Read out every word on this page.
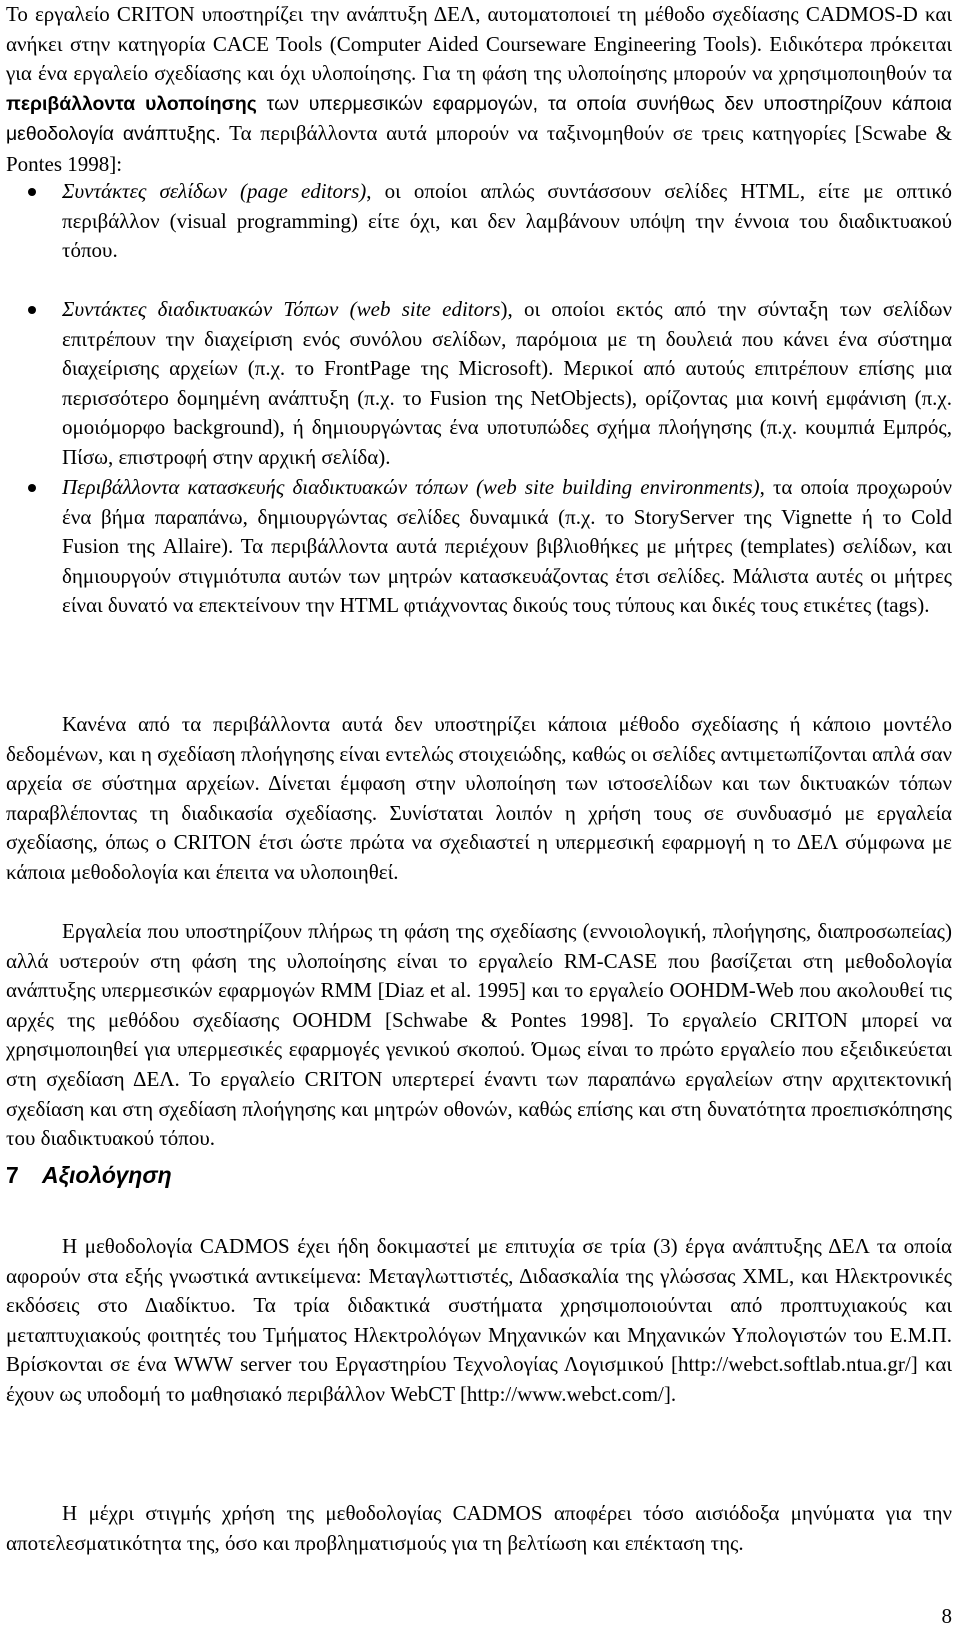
Το εργαλείο CRITON υποστηρίζει την ανάπτυξη ΔΕΛ, αυτοματοποιεί τη μέθοδο σχεδίασης CADMOS-D και ανήκει στην κατηγορία CACE Tools (Computer Aided Courseware Engineering Tools). Ειδικότερα πρόκειται για ένα εργαλείο σχεδίασης και όχι υλοποίησης. Για τη φάση της υλοποίησης μπορούν να χρησιμοποιηθούν τα περιβάλλοντα υλοποίησης των υπερμεσικών εφαρμογών, τα οποία συνήθως δεν υποστηρίζουν κάποια μεθοδολογία ανάπτυξης. Τα περιβάλλοντα αυτά μπορούν να ταξινομηθούν σε τρεις κατηγορίες [Scwabe & Pontes 1998]:

Συντάκτες σελίδων (page editors), οι οποίοι απλώς συντάσσουν σελίδες HTML, είτε με οπτικό περιβάλλον (visual programming) είτε όχι, και δεν λαμβάνουν υπόψη την έννοια του διαδικτυακού τόπου.
Συντάκτες διαδικτυακών Τόπων (web site editors), οι οποίοι εκτός από την σύνταξη των σελίδων επιτρέπουν την διαχείριση ενός συνόλου σελίδων, παρόμοια με τη δουλειά που κάνει ένα σύστημα διαχείρισης αρχείων (π.χ. το FrontPage της Microsoft). Μερικοί από αυτούς επιτρέπουν επίσης μια περισσότερο δομημένη ανάπτυξη (π.χ. το Fusion της NetObjects), ορίζοντας μια κοινή εμφάνιση (π.χ. ομοιόμορφο background), ή δημιουργώντας ένα υποτυπώδες σχήμα πλοήγησης (π.χ. κουμπιά Εμπρός, Πίσω, επιστροφή στην αρχική σελίδα).
Περιβάλλοντα κατασκευής διαδικτυακών τόπων (web site building environments), τα οποία προχωρούν ένα βήμα παραπάνω, δημιουργώντας σελίδες δυναμικά (π.χ. το StoryServer της Vignette ή το Cold Fusion της Allaire). Τα περιβάλλοντα αυτά περιέχουν βιβλιοθήκες με μήτρες (templates) σελίδων, και δημιουργούν στιγμιότυπα αυτών των μητρών κατασκευάζοντας έτσι σελίδες. Μάλιστα αυτές οι μήτρες είναι δυνατό να επεκτείνουν την HTML φτιάχνοντας δικούς τους τύπους και δικές τους ετικέτες (tags).

Κανένα από τα περιβάλλοντα αυτά δεν υποστηρίζει κάποια μέθοδο σχεδίασης ή κάποιο μοντέλο δεδομένων, και η σχεδίαση πλοήγησης είναι εντελώς στοιχειώδης, καθώς οι σελίδες αντιμετωπίζονται απλά σαν αρχεία σε σύστημα αρχείων. Δίνεται έμφαση στην υλοποίηση των ιστοσελίδων και των δικτυακών τόπων παραβλέποντας τη διαδικασία σχεδίασης. Συνίσταται λοιπόν η χρήση τους σε συνδυασμό με εργαλεία σχεδίασης, όπως ο CRITON έτσι ώστε πρώτα να σχεδιαστεί η υπερμεσική εφαρμογή η το ΔΕΛ σύμφωνα με κάποια μεθοδολογία και έπειτα να υλοποιηθεί.

Εργαλεία που υποστηρίζουν πλήρως τη φάση της σχεδίασης (εννοιολογική, πλοήγησης, διαπροσωπείας) αλλά υστερούν στη φάση της υλοποίησης είναι το εργαλείο RM-CASE που βασίζεται στη μεθοδολογία ανάπτυξης υπερμεσικών εφαρμογών RMM [Diaz et al. 1995] και το εργαλείο OOHDM-Web που ακολουθεί τις αρχές της μεθόδου σχεδίασης OOHDM [Schwabe & Pontes 1998]. Το εργαλείο CRITON μπορεί να χρησιμοποιηθεί για υπερμεσικές εφαρμογές γενικού σκοπού. Όμως είναι το πρώτο εργαλείο που εξειδικεύεται στη σχεδίαση ΔΕΛ. Το εργαλείο CRITON υπερτερεί έναντι των παραπάνω εργαλείων στην αρχιτεκτονική σχεδίαση και στη σχεδίαση πλοήγησης και μητρών οθονών, καθώς επίσης και στη δυνατότητα προεπισκόπησης του διαδικτυακού τόπου.

7 Αξιολόγηση

Η μεθοδολογία CADMOS έχει ήδη δοκιμαστεί με επιτυχία σε τρία (3) έργα ανάπτυξης ΔΕΛ τα οποία αφορούν στα εξής γνωστικά αντικείμενα: Μεταγλωττιστές, Διδασκαλία της γλώσσας XML, και Ηλεκτρονικές εκδόσεις στο Διαδίκτυο. Τα τρία διδακτικά συστήματα χρησιμοποιούνται από προπτυχιακούς και μεταπτυχιακούς φοιτητές του Τμήματος Ηλεκτρολόγων Μηχανικών και Μηχανικών Υπολογιστών του Ε.Μ.Π. Βρίσκονται σε ένα WWW server του Εργαστηρίου Τεχνολογίας Λογισμικού [http://webct.softlab.ntua.gr/] και έχουν ως υποδομή το μαθησιακό περιβάλλον WebCT [http://www.webct.com/].

Η μέχρι στιγμής χρήση της μεθοδολογίας CADMOS αποφέρει τόσο αισιόδοξα μηνύματα για την αποτελεσματικότητα της, όσο και προβληματισμούς για τη βελτίωση και επέκταση της.

8
